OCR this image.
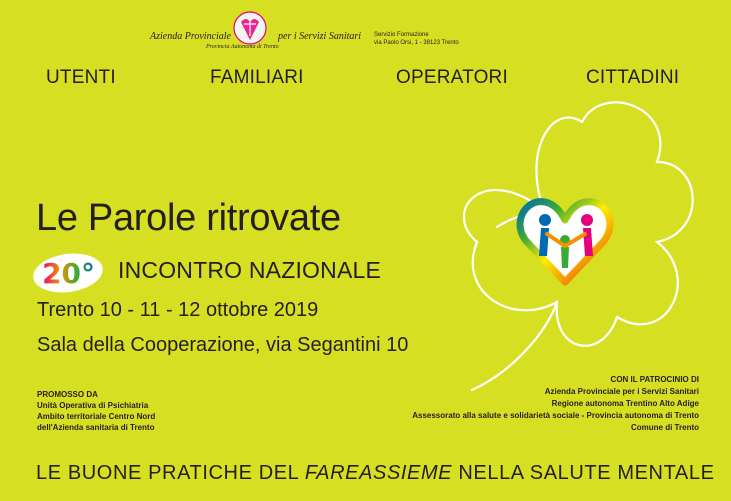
Azienda Provinciale	per i Servizi Sanitari
Provincia Autonoma di Trento
Servizio Formazione
via Paolo Orsi, 1 - 38123 Trento
UTENTI	FAMILIARI	OPERATORI	CITTADINI
Le Parole ritrovate
20° INCONTRO NAZIONALE
Trento 10 - 11 - 12 ottobre 2019
Sala della Cooperazione, via Segantini 10
PROMOSSO DA
Unità Operativa di Psichiatria
Ambito territoriale Centro Nord
dell'Azienda sanitaria di Trento
CON IL PATROCINIO DI
Azienda Provinciale per i Servizi Sanitari
Regione autonoma Trentino Alto Adige
Assessorato alla salute e solidarietà sociale - Provincia autonoma di Trento
Comune di Trento
LE BUONE PRATICHE DEL FAREASSIEME NELLA SALUTE MENTALE
